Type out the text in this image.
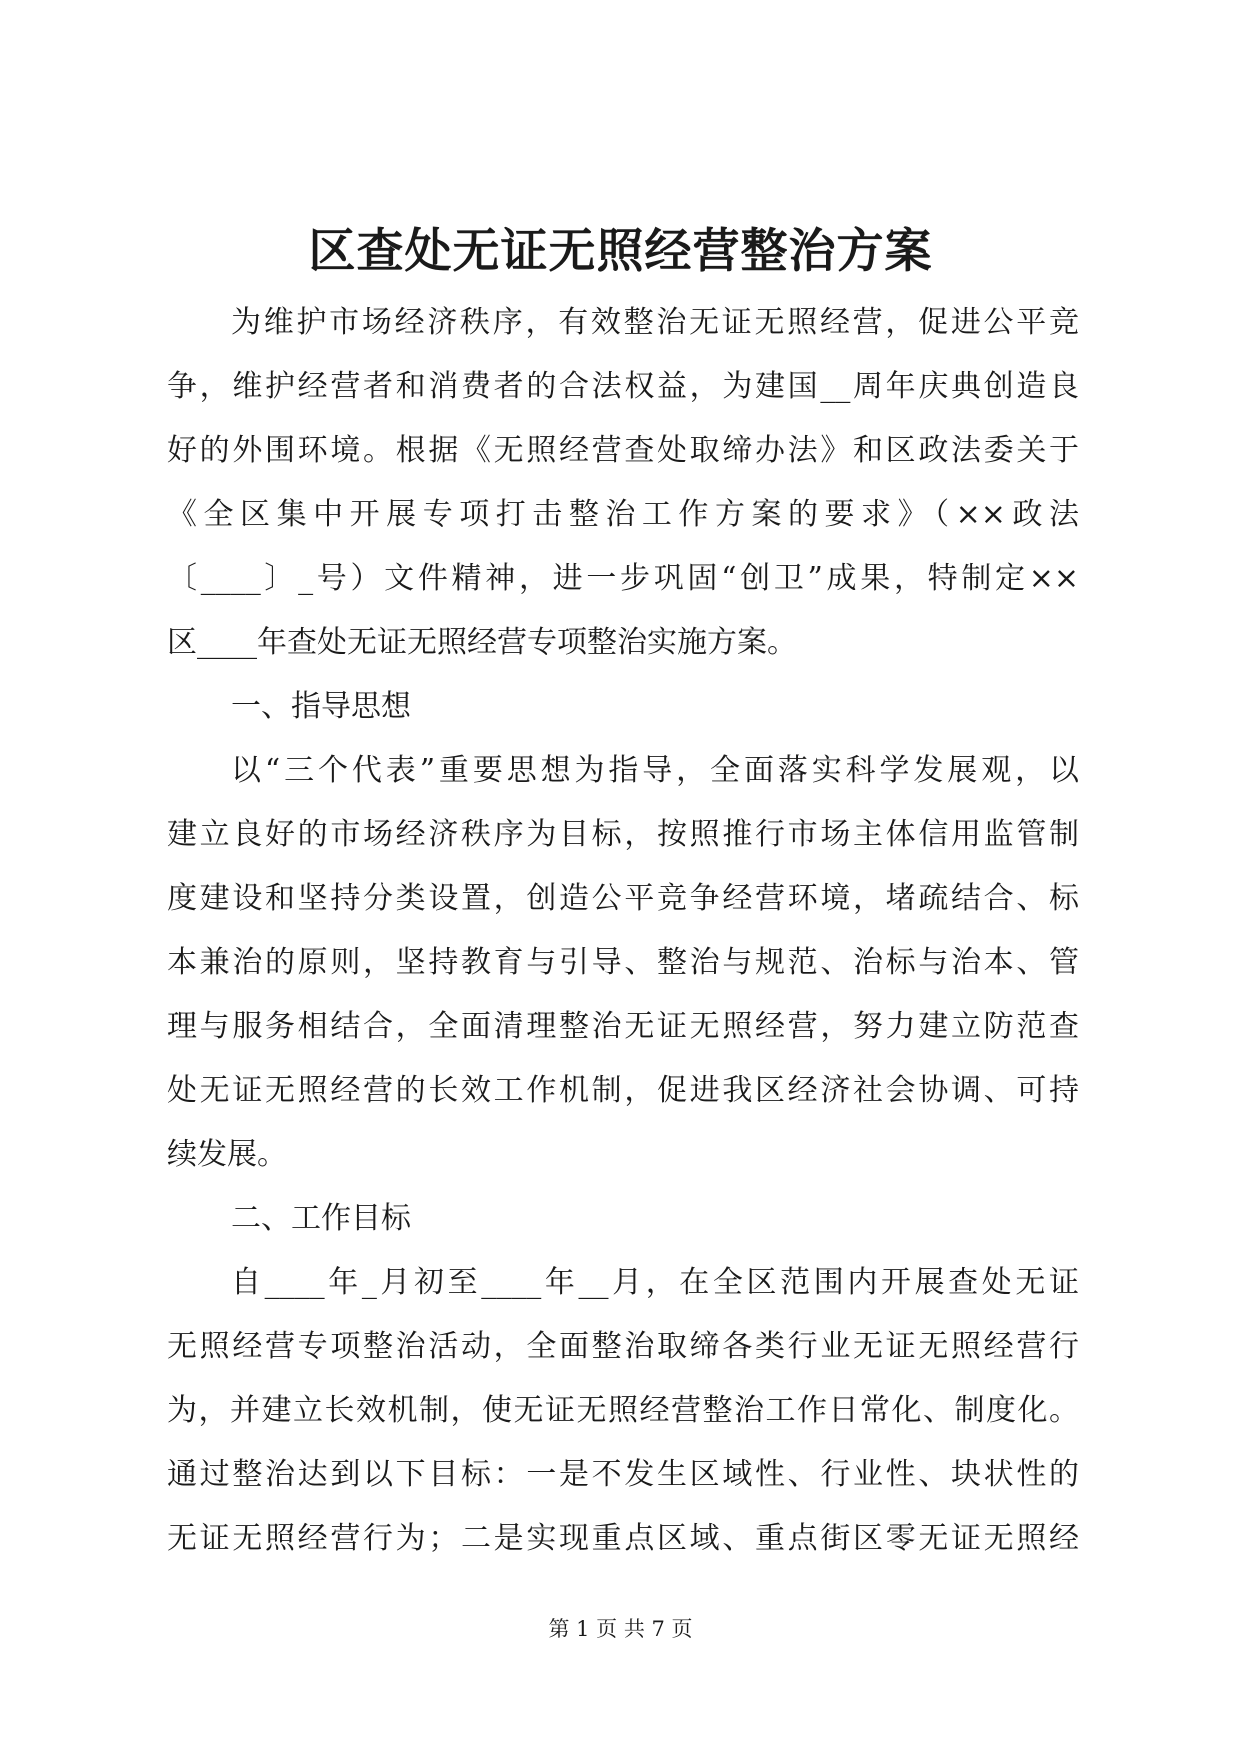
区查处无证无照经营整治方案
为维护市场经济秩序，有效整治无证无照经营，促进公平竞
争，维护经营者和消费者的合法权益，为建国__周年庆典创造良
好的外围环境。根据《无照经营查处取缔办法》和区政法委关于
《全区集中开展专项打击整治工作方案的要求》（××政法
〔____〕_号）文件精神，进一步巩固“创卫”成果，特制定××
区____年查处无证无照经营专项整治实施方案。
一、指导思想
以“三个代表”重要思想为指导，全面落实科学发展观，以
建立良好的市场经济秩序为目标，按照推行市场主体信用监管制
度建设和坚持分类设置，创造公平竞争经营环境，堵疏结合、标
本兼治的原则，坚持教育与引导、整治与规范、治标与治本、管
理与服务相结合，全面清理整治无证无照经营，努力建立防范查
处无证无照经营的长效工作机制，促进我区经济社会协调、可持
续发展。
二、工作目标
自____年_月初至____年__月，在全区范围内开展查处无证
无照经营专项整治活动，全面整治取缔各类行业无证无照经营行
为，并建立长效机制，使无证无照经营整治工作日常化、制度化。
通过整治达到以下目标：一是不发生区域性、行业性、块状性的
无证无照经营行为；二是实现重点区域、重点街区零无证无照经
第 1 页 共 7 页
